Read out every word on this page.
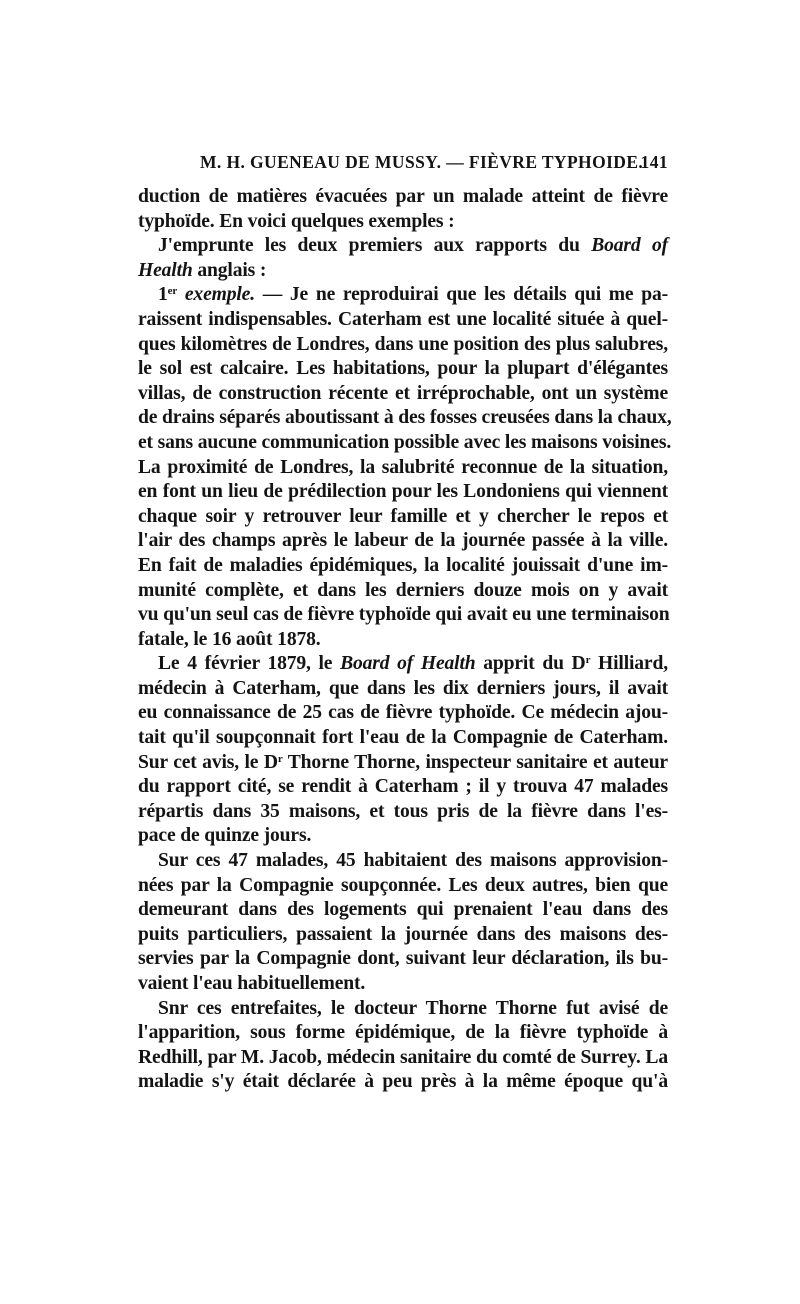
M. H. GUENEAU DE MUSSY. — FIÈVRE TYPHOIDE.
141
duction de matières évacuées par un malade atteint de fièvre
typhoïde. En voici quelques exemples :
J'emprunte les deux premiers aux rapports du Board of
Health anglais :
1er exemple. — Je ne reproduirai que les détails qui me pa-
raissent indispensables. Caterham est une localité située à quel-
ques kilomètres de Londres, dans une position des plus salubres,
le sol est calcaire. Les habitations, pour la plupart d'élégantes
villas, de construction récente et irréprochable, ont un système
de drains séparés aboutissant à des fosses creusées dans la chaux,
et sans aucune communication possible avec les maisons voisines.
La proximité de Londres, la salubrité reconnue de la situation,
en font un lieu de prédilection pour les Londoniens qui viennent
chaque soir y retrouver leur famille et y chercher le repos et
l'air des champs après le labeur de la journée passée à la ville.
En fait de maladies épidémiques, la localité jouissait d'une im-
munité complète, et dans les derniers douze mois on y avait
vu qu'un seul cas de fièvre typhoïde qui avait eu une terminaison
fatale, le 16 août 1878.
Le 4 février 1879, le Board of Health apprit du $D^r$ Hilliard,
médecin à Caterham, que dans les dix derniers jours, il avait
eu connaissance de 25 cas de fièvre typhoïde. Ce médecin ajou-
tait qu'il soupçonnait fort l'eau de la Compagnie de Caterham.
Sur cet avis, le $D^r$ Thorne Thorne, inspecteur sanitaire et auteur
du rapport cité, se rendit à Caterham ; il y trouva 47 malades
répartis dans 35 maisons, et tous pris de la fièvre dans l'es-
pace de quinze jours.
Sur ces 47 malades, 45 habitaient des maisons approvision-
nées par la Compagnie soupçonnée. Les deux autres, bien que
demeurant dans des logements qui prenaient l'eau dans des
puits particuliers, passaient la journée dans des maisons des-
servies par la Compagnie dont, suivant leur déclaration, ils bu-
vaient l'eau habituellement.
Snr ces entrefaites, le docteur Thorne Thorne fut avisé de
l'apparition, sous forme épidémique, de la fièvre typhoïde à
Redhill, par M. Jacob, médecin sanitaire du comté de Surrey. La
maladie s'y était déclarée à peu près à la même époque qu'à
